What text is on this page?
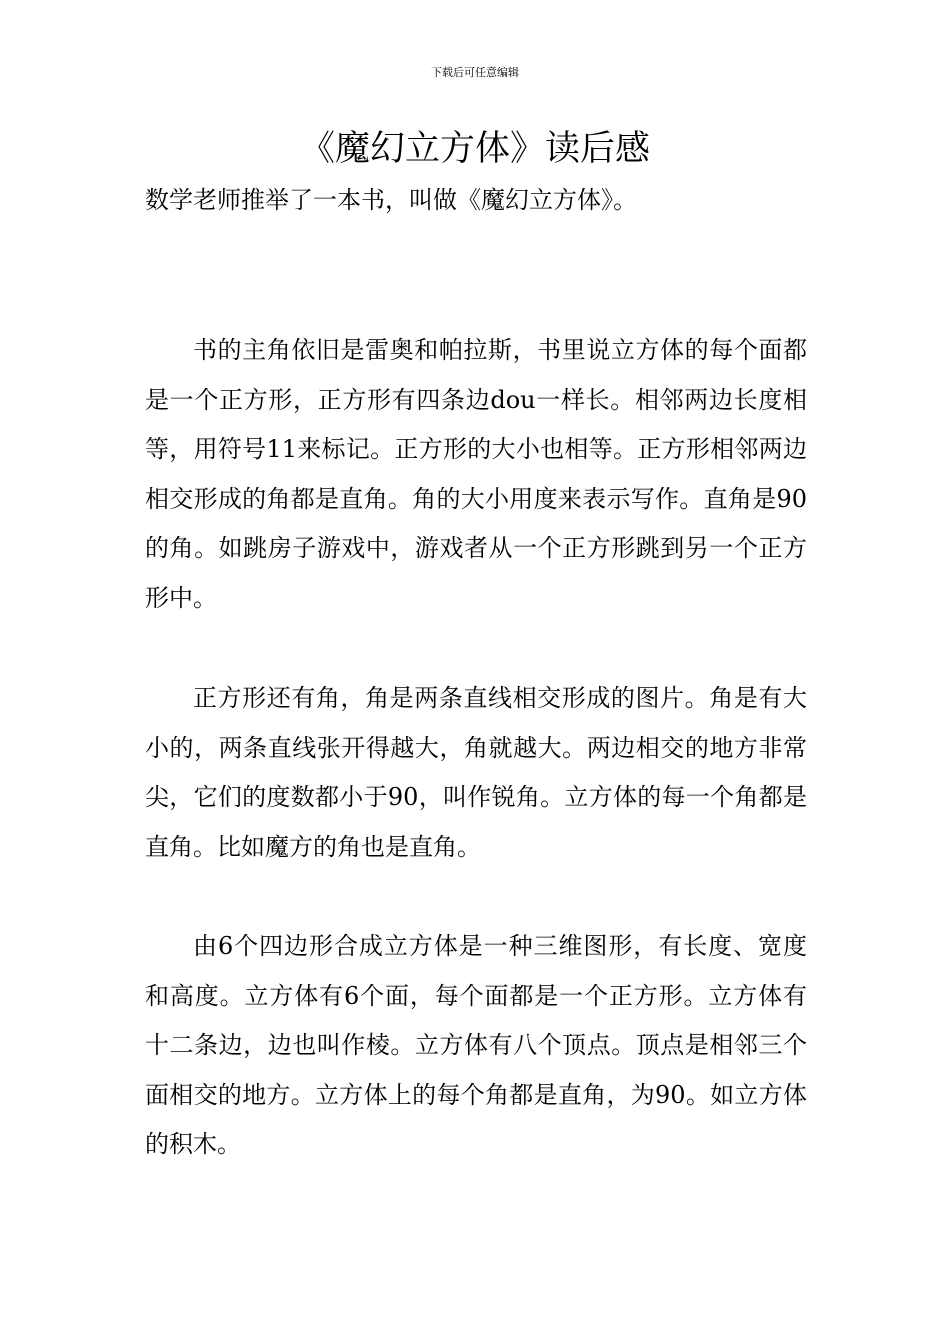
下载后可任意编辑
《魔幻立方体》读后感

数学老师推举了一本书，叫做《魔幻立方体》。

书的主角依旧是雷奥和帕拉斯，书里说立方体的每个面都是一个正方形，正方形有四条边dou一样长。相邻两边长度相等，用符号11来标记。正方形的大小也相等。正方形相邻两边相交形成的角都是直角。角的大小用度来表示写作。直角是90的角。如跳房子游戏中，游戏者从一个正方形跳到另一个正方形中。

正方形还有角，角是两条直线相交形成的图片。角是有大小的，两条直线张开得越大，角就越大。两边相交的地方非常尖，它们的度数都小于90，叫作锐角。立方体的每一个角都是直角。比如魔方的角也是直角。

由6个四边形合成立方体是一种三维图形，有长度、宽度和高度。立方体有6个面，每个面都是一个正方形。立方体有十二条边，边也叫作棱。立方体有八个顶点。顶点是相邻三个面相交的地方。立方体上的每个角都是直角，为90。如立方体的积木。
